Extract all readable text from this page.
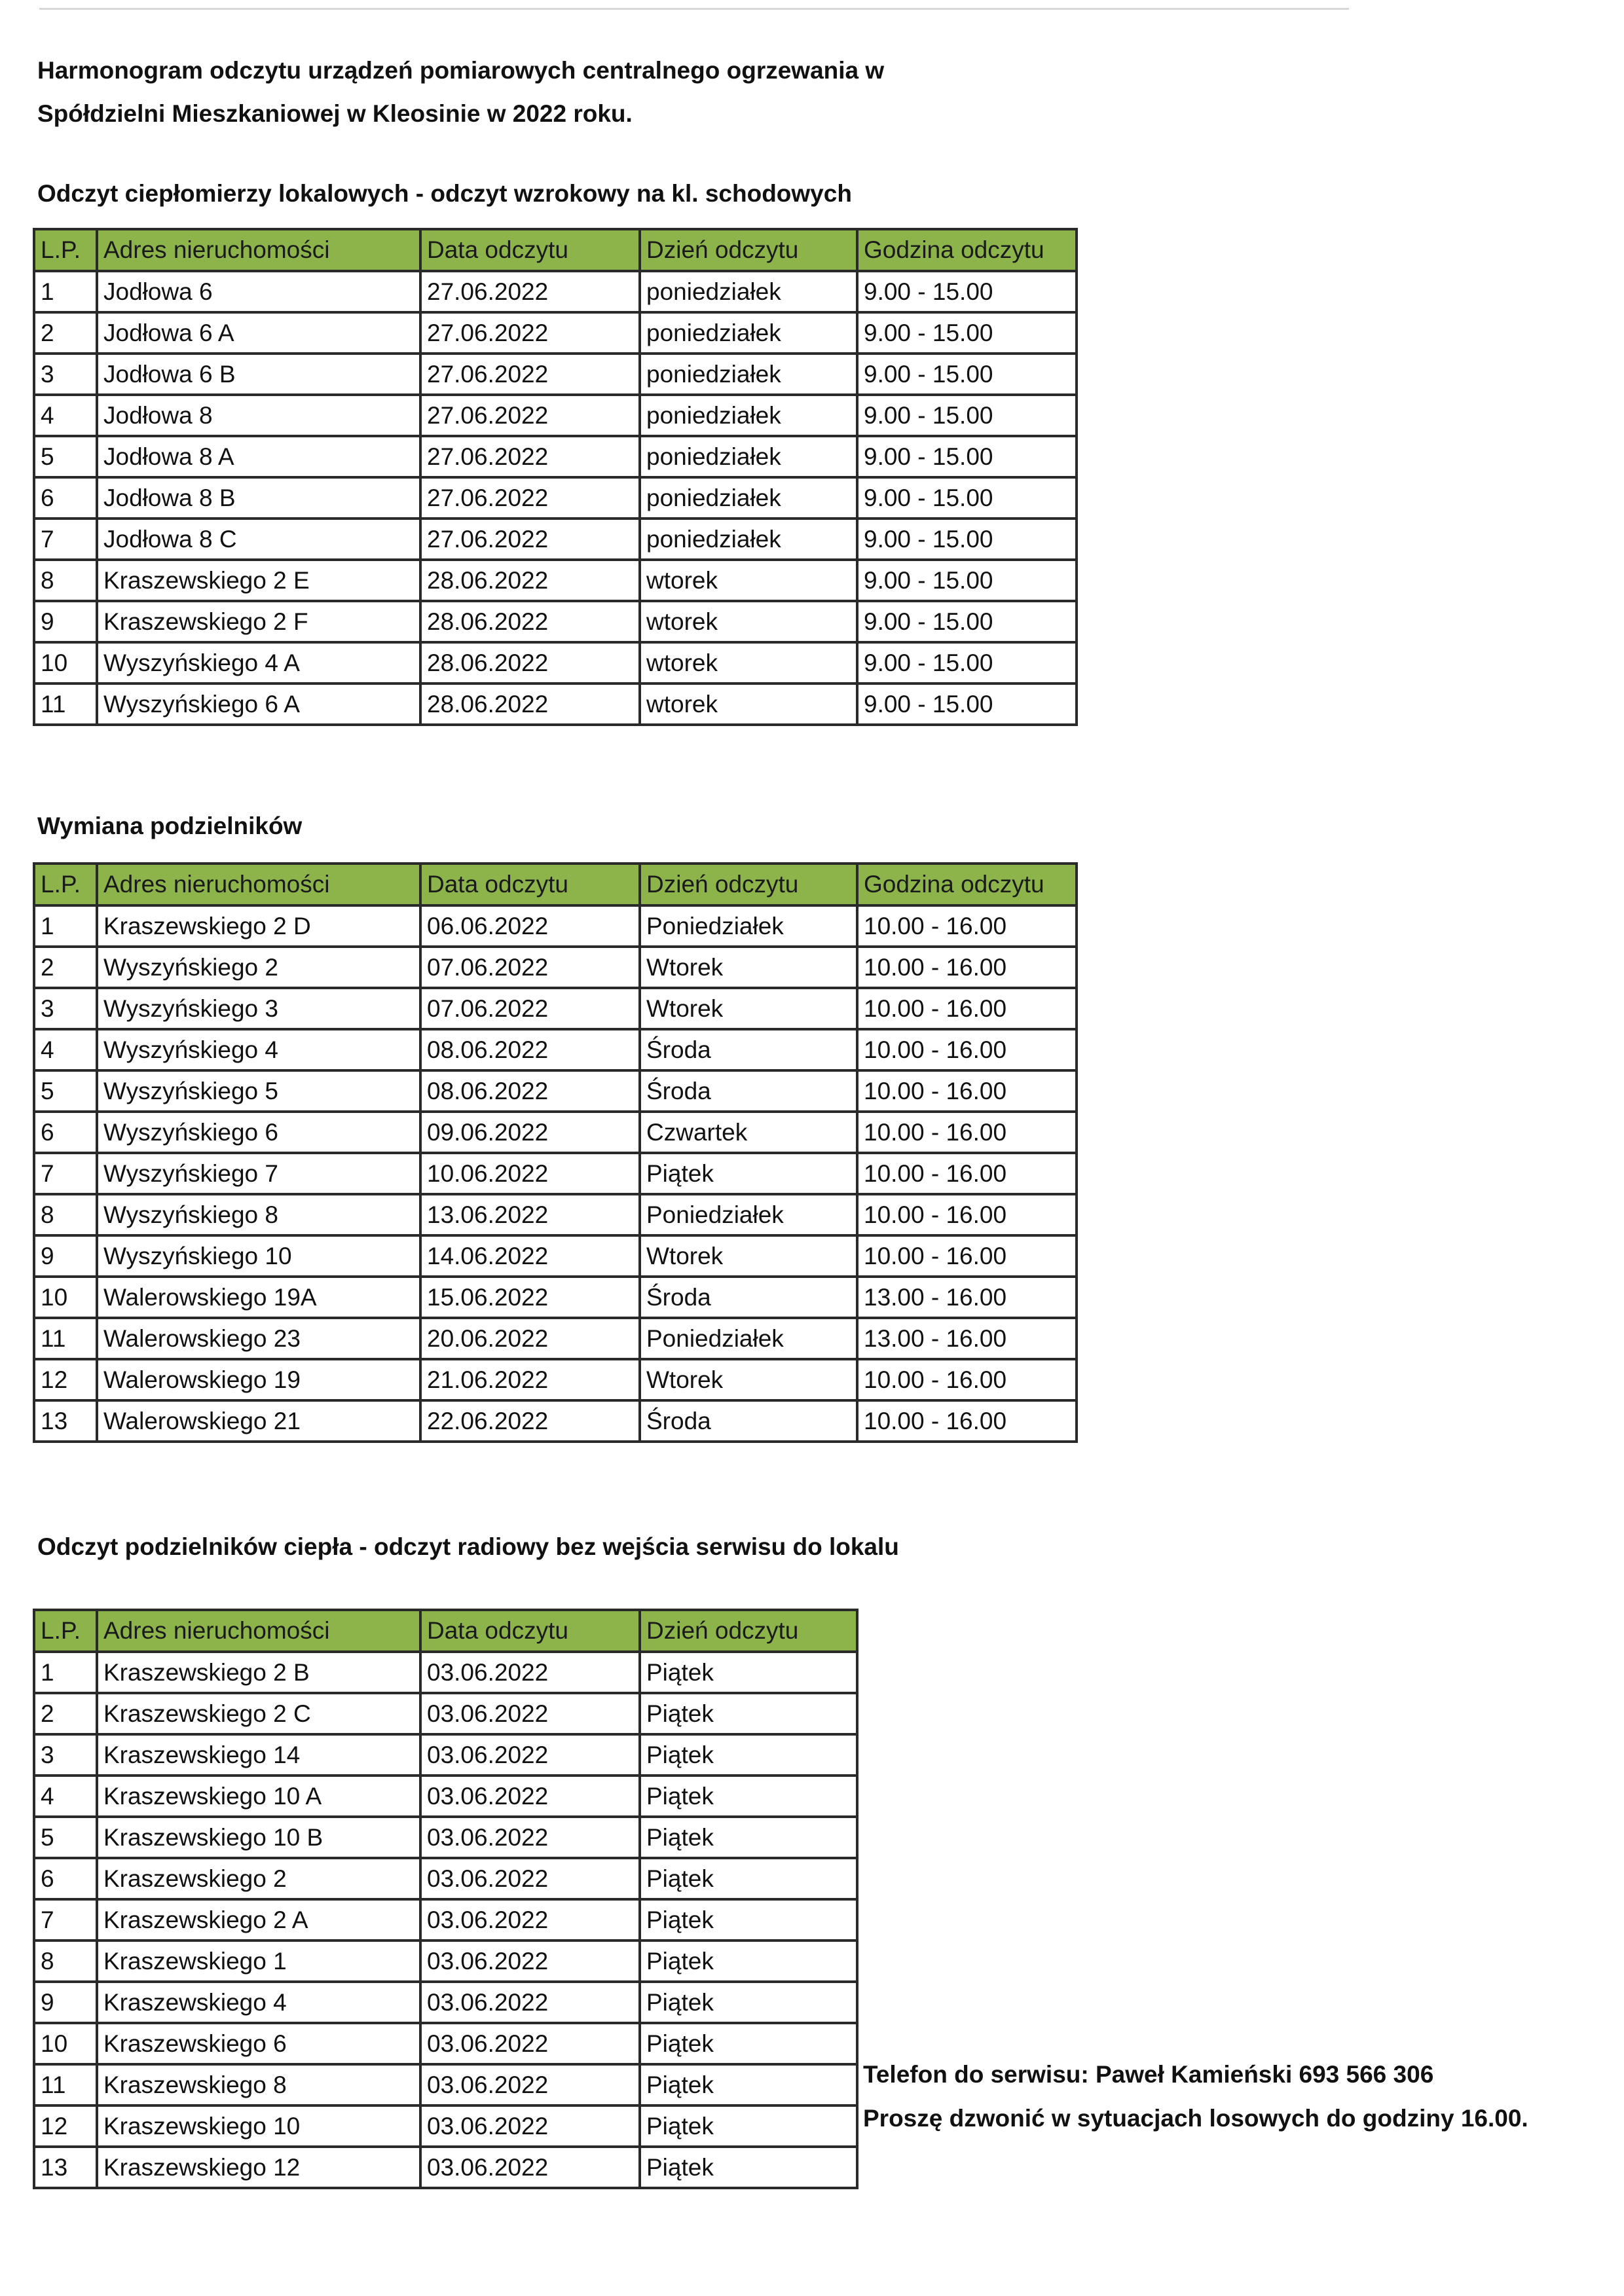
Harmonogram odczytu urządzeń pomiarowych centralnego ogrzewania w
Spółdzielni Mieszkaniowej w Kleosinie w 2022 roku.
Odczyt ciepłomierzy lokalowych - odczyt wzrokowy na kl. schodowych
L.P.	Adres nieruchomości	Data odczytu	Dzień odczytu	Godzina odczytu
1	Jodłowa 6	27.06.2022	poniedziałek	9.00 - 15.00
2	Jodłowa 6 A	27.06.2022	poniedziałek	9.00 - 15.00
3	Jodłowa 6 B	27.06.2022	poniedziałek	9.00 - 15.00
4	Jodłowa 8	27.06.2022	poniedziałek	9.00 - 15.00
5	Jodłowa 8 A	27.06.2022	poniedziałek	9.00 - 15.00
6	Jodłowa 8 B	27.06.2022	poniedziałek	9.00 - 15.00
7	Jodłowa 8 C	27.06.2022	poniedziałek	9.00 - 15.00
8	Kraszewskiego 2 E	28.06.2022	wtorek	9.00 - 15.00
9	Kraszewskiego 2 F	28.06.2022	wtorek	9.00 - 15.00
10	Wyszyńskiego 4 A	28.06.2022	wtorek	9.00 - 15.00
11	Wyszyńskiego 6 A	28.06.2022	wtorek	9.00 - 15.00
Wymiana podzielników
L.P.	Adres nieruchomości	Data odczytu	Dzień odczytu	Godzina odczytu
1	Kraszewskiego 2 D	06.06.2022	Poniedziałek	10.00 - 16.00
2	Wyszyńskiego 2	07.06.2022	Wtorek	10.00 - 16.00
3	Wyszyńskiego 3	07.06.2022	Wtorek	10.00 - 16.00
4	Wyszyńskiego 4	08.06.2022	Środa	10.00 - 16.00
5	Wyszyńskiego 5	08.06.2022	Środa	10.00 - 16.00
6	Wyszyńskiego 6	09.06.2022	Czwartek	10.00 - 16.00
7	Wyszyńskiego 7	10.06.2022	Piątek	10.00 - 16.00
8	Wyszyńskiego 8	13.06.2022	Poniedziałek	10.00 - 16.00
9	Wyszyńskiego 10	14.06.2022	Wtorek	10.00 - 16.00
10	Walerowskiego 19A	15.06.2022	Środa	13.00 - 16.00
11	Walerowskiego 23	20.06.2022	Poniedziałek	13.00 - 16.00
12	Walerowskiego 19	21.06.2022	Wtorek	10.00 - 16.00
13	Walerowskiego 21	22.06.2022	Środa	10.00 - 16.00
Odczyt podzielników ciepła - odczyt radiowy bez wejścia serwisu do lokalu
L.P.	Adres nieruchomości	Data odczytu	Dzień odczytu
1	Kraszewskiego 2 B	03.06.2022	Piątek
2	Kraszewskiego 2 C	03.06.2022	Piątek
3	Kraszewskiego 14	03.06.2022	Piątek
4	Kraszewskiego 10 A	03.06.2022	Piątek
5	Kraszewskiego 10 B	03.06.2022	Piątek
6	Kraszewskiego 2	03.06.2022	Piątek
7	Kraszewskiego 2 A	03.06.2022	Piątek
8	Kraszewskiego 1	03.06.2022	Piątek
9	Kraszewskiego 4	03.06.2022	Piątek
10	Kraszewskiego 6	03.06.2022	Piątek
11	Kraszewskiego 8	03.06.2022	Piątek
12	Kraszewskiego 10	03.06.2022	Piątek
13	Kraszewskiego 12	03.06.2022	Piątek
Telefon do serwisu: Paweł Kamieński 693 566 306
Proszę dzwonić w sytuacjach losowych do godziny 16.00.
